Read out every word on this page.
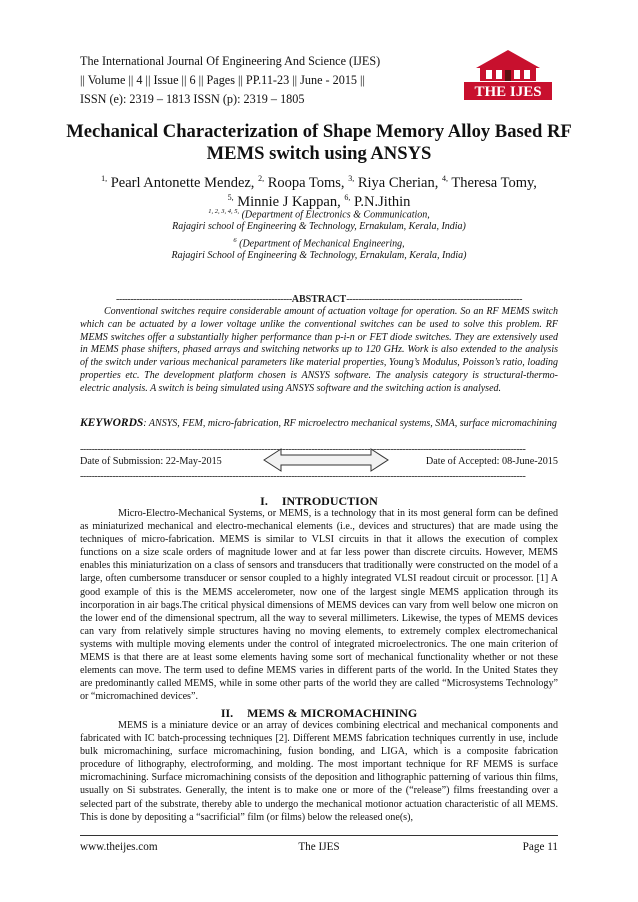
The International Journal Of Engineering And Science (IJES)
|| Volume || 4 || Issue || 6 || Pages || PP.11-23 || June - 2015 ||
ISSN (e): 2319 – 1813 ISSN (p): 2319 – 1805	THE IJES
Mechanical Characterization of Shape Memory Alloy Based RF
MEMS switch using ANSYS
$^{1,}$ Pearl Antonette Mendez, $^{2,}$ Roopa Toms, $^{3,}$ Riya Cherian, $^{4,}$ Theresa Tomy,
$^{5,}$ Minnie J Kappan, $^{6,}$ P.N.Jithin
$^{1, 2, 3, 4, 5,}$ (Department of Electronics & Communication,
Rajagiri school of Engineering & Technology, Ernakulam, Kerala, India)
$^6$ (Department of Mechanical Engineering,
Rajagiri School of Engineering & Technology, Ernakulam, Kerala, India)
------------------------------------------------------------ABSTRACT------------------------------------------------------------
Conventional switches require considerable amount of actuation voltage for operation. So an RF MEMS switch which can be actuated by a lower voltage unlike the conventional switches can be used to solve this problem. RF MEMS switches offer a substantially higher performance than p-i-n or FET diode switches. They are extensively used in MEMS phase shifters, phased arrays and switching networks up to 120 GHz. Work is also extended to the analysis of the switch under various mechanical parameters like material properties, Young’s Modulus, Poisson’s ratio, loading properties etc. The development platform chosen is ANSYS software. The analysis category is structural-thermo-electric analysis. A switch is being simulated using ANSYS software and the switching action is analysed.
KEYWORDS: ANSYS, FEM, micro-fabrication, RF microelectro mechanical systems, SMA, surface micromachining
--------------------------------------------------------------------------------------------------------------------------------------------------------
Date of Submission: 22-May-2015	Date of Accepted: 08-June-2015
--------------------------------------------------------------------------------------------------------------------------------------------------------
I. INTRODUCTION
Micro-Electro-Mechanical Systems, or MEMS, is a technology that in its most general form can be defined as miniaturized mechanical and electro-mechanical elements (i.e., devices and structures) that are made using the techniques of micro-fabrication. MEMS is similar to VLSI circuits in that it allows the execution of complex functions on a size scale orders of magnitude lower and at far less power than discrete circuits. However, MEMS enables this miniaturization on a class of sensors and transducers that traditionally were constructed on the model of a large, often cumbersome transducer or sensor coupled to a highly integrated VLSI readout circuit or processor. [1] A good example of this is the MEMS accelerometer, now one of the largest single MEMS application through its incorporation in air bags.The critical physical dimensions of MEMS devices can vary from well below one micron on the lower end of the dimensional spectrum, all the way to several millimeters. Likewise, the types of MEMS devices can vary from relatively simple structures having no moving elements, to extremely complex electromechanical systems with multiple moving elements under the control of integrated microelectronics. The one main criterion of MEMS is that there are at least some elements having some sort of mechanical functionality whether or not these elements can move. The term used to define MEMS varies in different parts of the world. In the United States they are predominantly called MEMS, while in some other parts of the world they are called “Microsystems Technology” or “micromachined devices”.
II. MEMS & MICROMACHINING
MEMS is a miniature device or an array of devices combining electrical and mechanical components and fabricated with IC batch-processing techniques [2]. Different MEMS fabrication techniques currently in use, include bulk micromachining, surface micromachining, fusion bonding, and LIGA, which is a composite fabrication procedure of lithography, electroforming, and molding. The most important technique for RF MEMS is surface micromachining. Surface micromachining consists of the deposition and lithographic patterning of various thin films, usually on Si substrates. Generally, the intent is to make one or more of the (“release”) films freestanding over a selected part of the substrate, thereby able to undergo the mechanical motionor actuation characteristic of all MEMS. This is done by depositing a “sacrificial” film (or films) below the released one(s),
www.theijes.com	The IJES	Page 11
